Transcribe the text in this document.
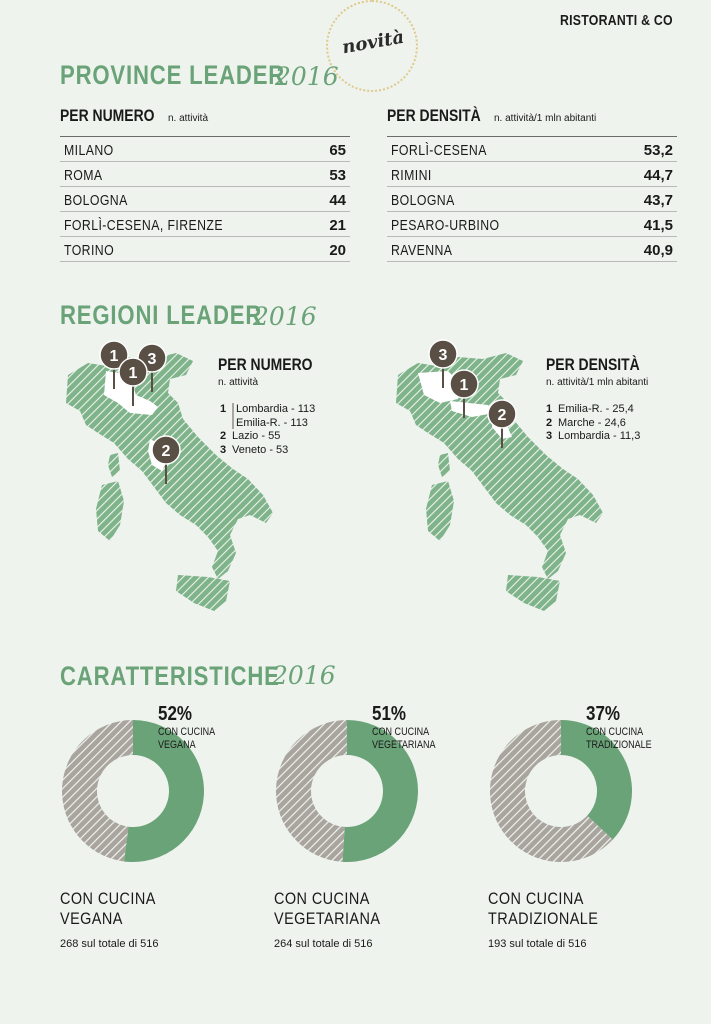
RISTORANTI & CO
novità
PROVINCE LEADER
2016
PER NUMERO n. attività
MILANO	65
ROMA	53
BOLOGNA	44
FORLÌ-CESENA, FIRENZE	21
TORINO	20
PER DENSITÀ n. attività/1 mln abitanti
FORLÌ-CESENA	53,2
RIMINI	44,7
BOLOGNA	43,7
PESARO-URBINO	41,5
RAVENNA	40,9
REGIONI LEADER
2016
1 3
1
2
PER NUMERO
n. attività
1 Lombardia - 113
Emilia-R. - 113
2 Lazio - 55
3 Veneto - 53
3
1
2
PER DENSITÀ
n. attività/1 mln abitanti
1 Emilia-R. - 25,4
2 Marche - 24,6
3 Lombardia - 11,3
CARATTERISTICHE
2016
52%
CON CUCINA
VEGANA
CON CUCINA
VEGANA
268 sul totale di 516
51%
CON CUCINA
VEGETARIANA
CON CUCINA
VEGETARIANA
264 sul totale di 516
37%
CON CUCINA
TRADIZIONALE
CON CUCINA
TRADIZIONALE
193 sul totale di 516
